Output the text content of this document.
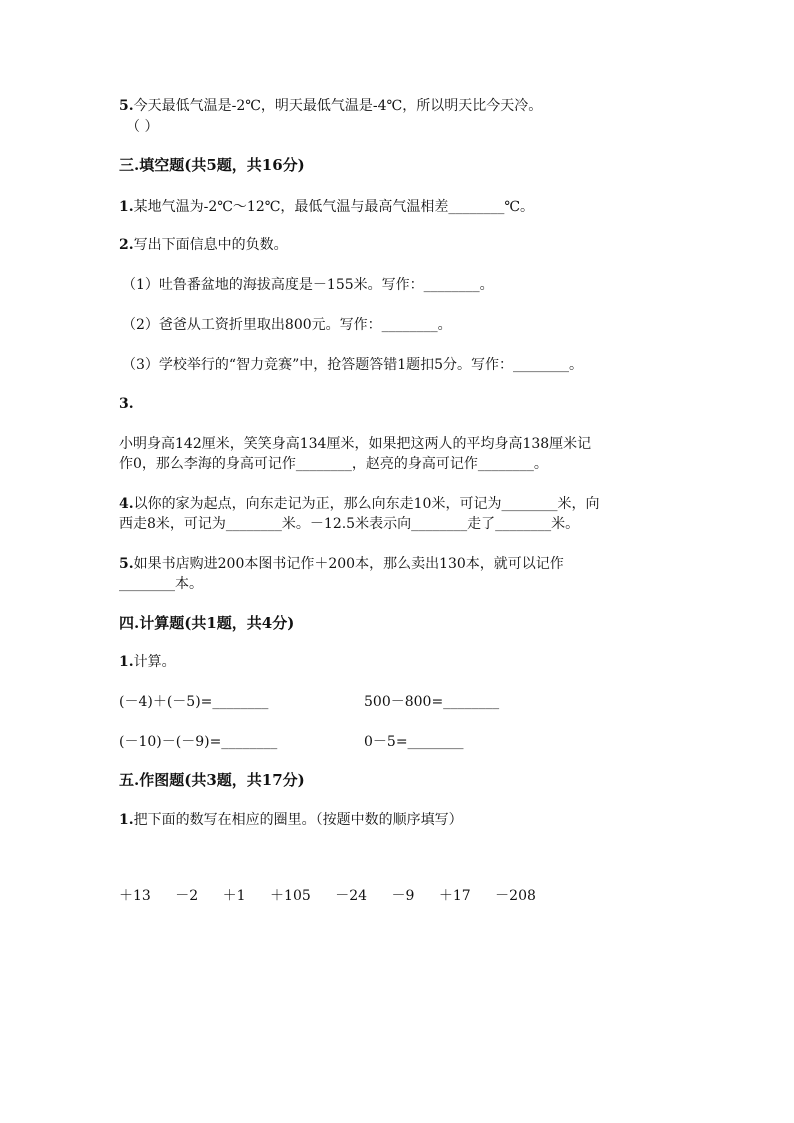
5.今天最低气温是-2℃，明天最低气温是-4℃，所以明天比今天冷。
（ ）
三.填空题(共5题，共16分)
1.某地气温为-2℃～12℃，最低气温与最高气温相差________℃。
2.写出下面信息中的负数。
（1）吐鲁番盆地的海拔高度是－155米。写作：________。
（2）爸爸从工资折里取出800元。写作：________。
（3）学校举行的“智力竞赛”中，抢答题答错1题扣5分。写作：________。
3.
小明身高142厘米，笑笑身高134厘米，如果把这两人的平均身高138厘米记
作0，那么李海的身高可记作________，赵亮的身高可记作________。
4.以你的家为起点，向东走记为正，那么向东走10米，可记为________米，向
西走8米，可记为________米。－12.5米表示向________走了________米。
5.如果书店购进200本图书记作＋200本，那么卖出130本，就可以记作
________本。
四.计算题(共1题，共4分)
1.计算。
(－4)＋(－5)=________	500－800=________
(－10)－(－9)=________	0－5=________
五.作图题(共3题，共17分)
1.把下面的数写在相应的圈里。（按题中数的顺序填写）
＋13 －2 ＋1 ＋105 －24 －9 ＋17 －208
